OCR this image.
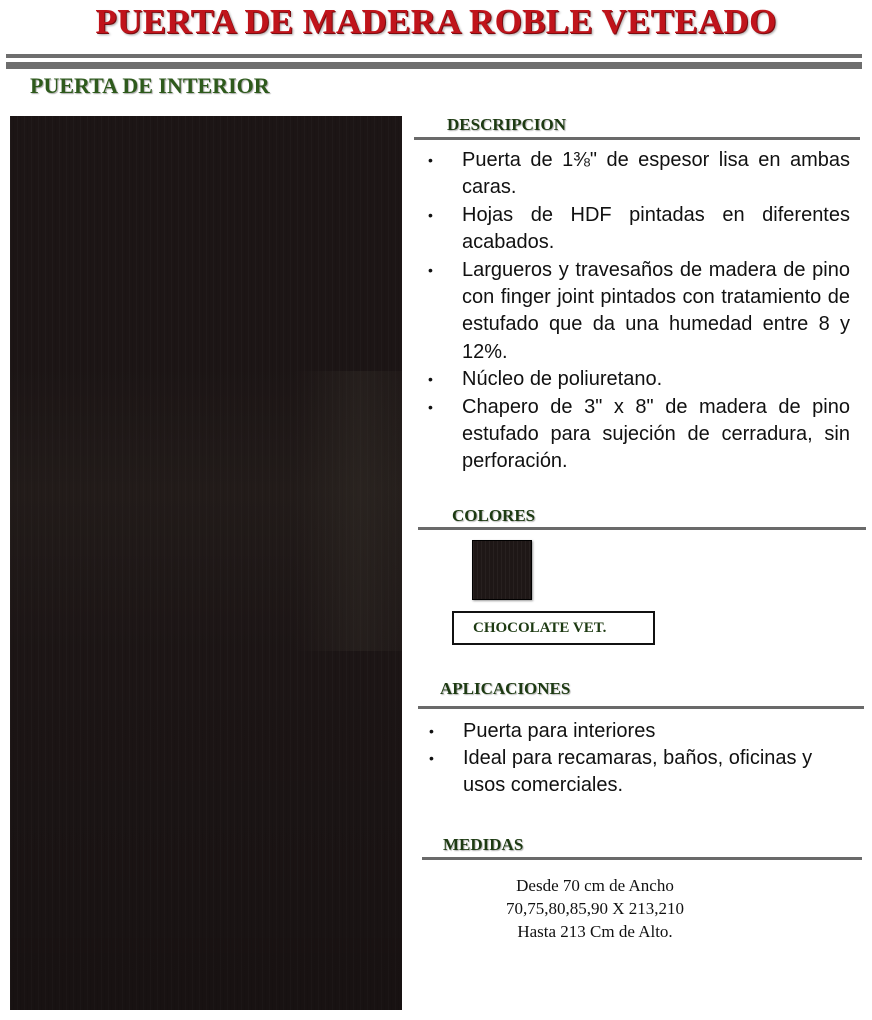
PUERTA DE MADERA ROBLE VETEADO
PUERTA DE INTERIOR
DESCRIPCION
• Puerta de 1⅜" de espesor lisa en ambas caras.
• Hojas de HDF pintadas en diferentes acabados.
• Largueros y travesaños de madera de pino con finger joint pintados con tratamiento de estufado que da una humedad entre 8 y 12%.
• Núcleo de poliuretano.
• Chapero de 3" x 8" de madera de pino estufado para sujeción de cerradura, sin perforación.
COLORES
CHOCOLATE VET.
APLICACIONES
• Puerta para interiores
• Ideal para recamaras, baños, oficinas y usos comerciales.
MEDIDAS
Desde 70 cm de Ancho
70,75,80,85,90 X 213,210
Hasta 213 Cm de Alto.
